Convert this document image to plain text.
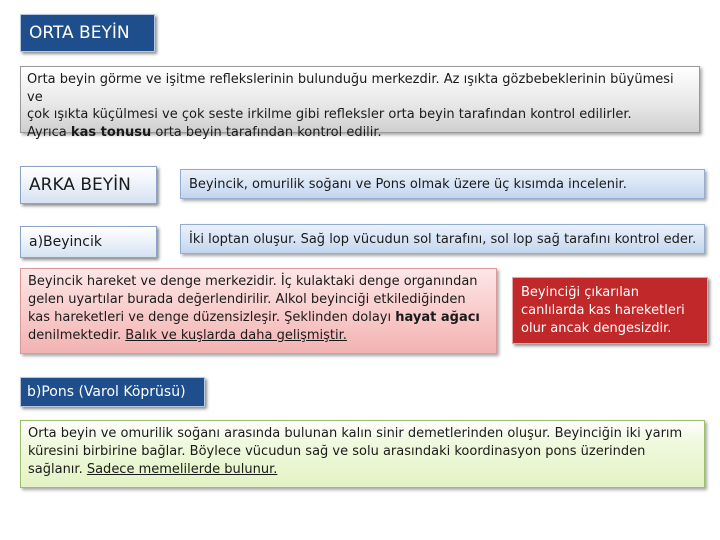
ORTA BEYİN
Orta beyin görme ve işitme reflekslerinin bulunduğu merkezdir. Az ışıkta gözbebeklerinin büyümesi ve
çok ışıkta küçülmesi ve çok seste irkilme gibi refleksler orta beyin tarafından kontrol edilirler.
Ayrıca kas tonusu orta beyin tarafından kontrol edilir.
ARKA BEYİN	Beyincik, omurilik soğanı ve Pons olmak üzere üç kısımda incelenir.
a)Beyincik	İki loptan oluşur. Sağ lop vücudun sol tarafını, sol lop sağ tarafını kontrol eder.
Beyincik hareket ve denge merkezidir. İç kulaktaki denge organından gelen uyartılar burada değerlendirilir. Alkol beyinciği etkilediğinden kas hareketleri ve denge düzensizleşir. Şeklinden dolayı hayat ağacı denilmektedir. Balık ve kuşlarda daha gelişmiştir.
Beyinciği çıkarılan canlılarda kas hareketleri olur ancak dengesizdir.
b)Pons (Varol Köprüsü)
Orta beyin ve omurilik soğanı arasında bulunan kalın sinir demetlerinden oluşur. Beyinciğin iki yarım küresini birbirine bağlar. Böylece vücudun sağ ve solu arasındaki koordinasyon pons üzerinden sağlanır. Sadece memelilerde bulunur.
